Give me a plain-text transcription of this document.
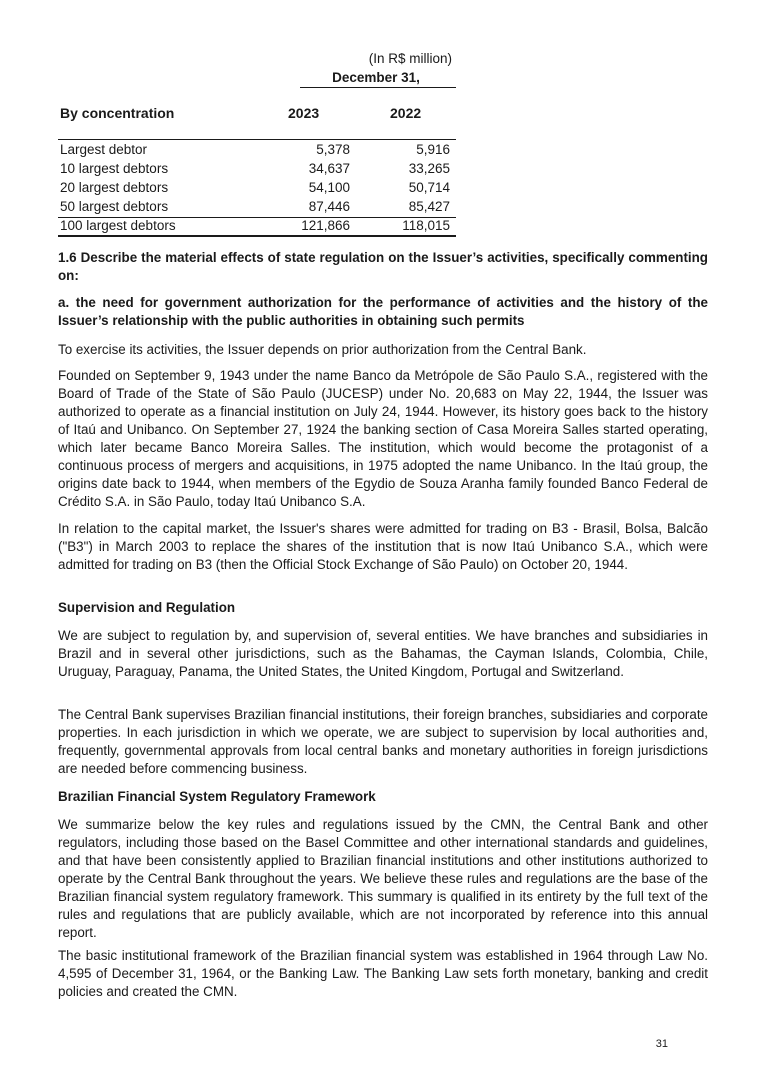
(In R$ million)
December 31,
By concentration	2023	2022
Largest debtor	5,378	5,916
10 largest debtors	34,637	33,265
20 largest debtors	54,100	50,714
50 largest debtors	87,446	85,427
100 largest debtors	121,866	118,015

1.6 Describe the material effects of state regulation on the Issuer’s activities, specifically commenting on:

a. the need for government authorization for the performance of activities and the history of the Issuer’s relationship with the public authorities in obtaining such permits

To exercise its activities, the Issuer depends on prior authorization from the Central Bank.

Founded on September 9, 1943 under the name Banco da Metrópole de São Paulo S.A., registered with the Board of Trade of the State of São Paulo (JUCESP) under No. 20,683 on May 22, 1944, the Issuer was authorized to operate as a financial institution on July 24, 1944. However, its history goes back to the history of Itaú and Unibanco. On September 27, 1924 the banking section of Casa Moreira Salles started operating, which later became Banco Moreira Salles. The institution, which would become the protagonist of a continuous process of mergers and acquisitions, in 1975 adopted the name Unibanco. In the Itaú group, the origins date back to 1944, when members of the Egydio de Souza Aranha family founded Banco Federal de Crédito S.A. in São Paulo, today Itaú Unibanco S.A.

In relation to the capital market, the Issuer's shares were admitted for trading on B3 - Brasil, Bolsa, Balcão ("B3") in March 2003 to replace the shares of the institution that is now Itaú Unibanco S.A., which were admitted for trading on B3 (then the Official Stock Exchange of São Paulo) on October 20, 1944.

Supervision and Regulation

We are subject to regulation by, and supervision of, several entities. We have branches and subsidiaries in Brazil and in several other jurisdictions, such as the Bahamas, the Cayman Islands, Colombia, Chile, Uruguay, Paraguay, Panama, the United States, the United Kingdom, Portugal and Switzerland.

The Central Bank supervises Brazilian financial institutions, their foreign branches, subsidiaries and corporate properties. In each jurisdiction in which we operate, we are subject to supervision by local authorities and, frequently, governmental approvals from local central banks and monetary authorities in foreign jurisdictions are needed before commencing business.

Brazilian Financial System Regulatory Framework

We summarize below the key rules and regulations issued by the CMN, the Central Bank and other regulators, including those based on the Basel Committee and other international standards and guidelines, and that have been consistently applied to Brazilian financial institutions and other institutions authorized to operate by the Central Bank throughout the years. We believe these rules and regulations are the base of the Brazilian financial system regulatory framework. This summary is qualified in its entirety by the full text of the rules and regulations that are publicly available, which are not incorporated by reference into this annual report.

The basic institutional framework of the Brazilian financial system was established in 1964 through Law No. 4,595 of December 31, 1964, or the Banking Law. The Banking Law sets forth monetary, banking and credit policies and created the CMN.

31
